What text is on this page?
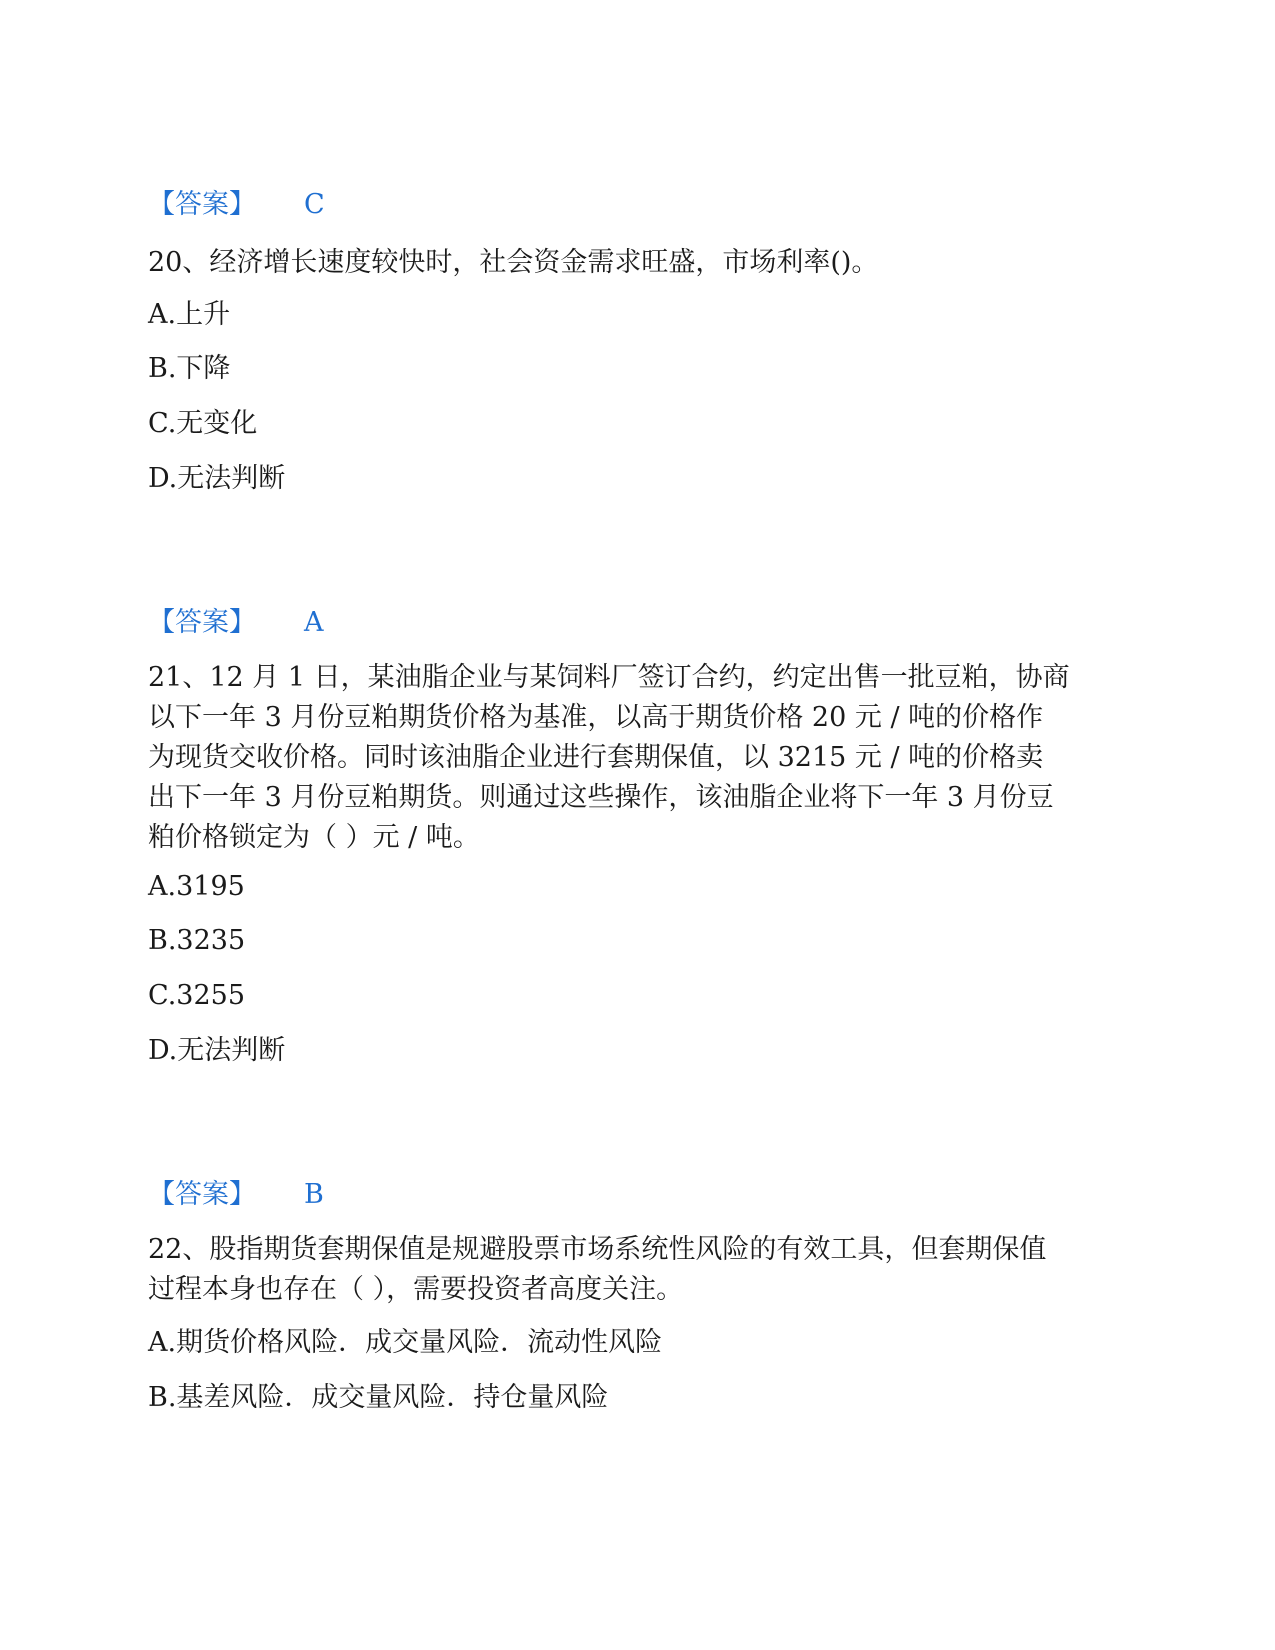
【答案】 C
20、经济增长速度较快时，社会资金需求旺盛，市场利率()。
A.上升
B.下降
C.无变化
D.无法判断
【答案】 A
21、12 月 1 日，某油脂企业与某饲料厂签订合约，约定出售一批豆粕，协商
以下一年 3 月份豆粕期货价格为基准，以高于期货价格 20 元 / 吨的价格作
为现货交收价格。同时该油脂企业进行套期保值，以 3215 元 / 吨的价格卖
出下一年 3 月份豆粕期货。则通过这些操作，该油脂企业将下一年 3 月份豆
粕价格锁定为（ ）元 / 吨。
A.3195
B.3235
C.3255
D.无法判断
【答案】 B
22、股指期货套期保值是规避股票市场系统性风险的有效工具，但套期保值
过程本身也存在（ ），需要投资者高度关注。
A.期货价格风险．成交量风险．流动性风险
B.基差风险．成交量风险．持仓量风险
